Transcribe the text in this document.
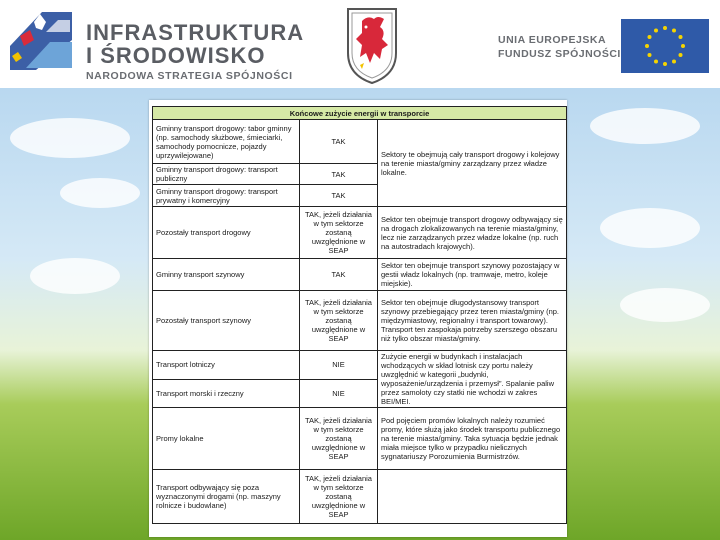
INFRASTRUKTURA
I ŚRODOWISKO
NARODOWA STRATEGIA SPÓJNOŚCI
UNIA EUROPEJSKA
FUNDUSZ SPÓJNOŚCI
Końcowe zużycie energii w transporcie		
Gminny transport drogowy: tabor gminny (np. samochody służbowe, śmieciarki, samochody pomocnicze, pojazdy uprzywilejowane)	TAK	Sektory te obejmują cały transport drogowy i kolejowy na terenie miasta/gminy zarządzany przez władze lokalne.
Gminny transport drogowy: transport publiczny	TAK	
Gminny transport drogowy: transport prywatny i komercyjny	TAK	
Pozostały transport drogowy	TAK, jeżeli działania w tym sektorze zostaną uwzględnione w SEAP	Sektor ten obejmuje transport drogowy odbywający się na drogach zlokalizowanych na terenie miasta/gminy, lecz nie zarządzanych przez władze lokalne (np. ruch na autostradach krajowych).
Gminny transport szynowy	TAK	Sektor ten obejmuje transport szynowy pozostający w gestii władz lokalnych (np. tramwaje, metro, koleje miejskie).
Pozostały transport szynowy	TAK, jeżeli działania w tym sektorze zostaną uwzględnione w SEAP	Sektor ten obejmuje długodystansowy transport szynowy przebiegający przez teren miasta/gminy (np. międzymiastowy, regionalny i transport towarowy). Transport ten zaspokaja potrzeby szerszego obszaru niż tylko obszar miasta/gminy.
Transport lotniczy	NIE	Zużycie energii w budynkach i instalacjach wchodzących w skład lotnisk czy portu należy uwzględnić w kategorii „budynki, wyposażenie/urządzenia i przemysł”. Spalanie paliw przez samoloty czy statki nie wchodzi w zakres BEI/MEI.
Transport morski i rzeczny	NIE	
Promy lokalne	TAK, jeżeli działania w tym sektorze zostaną uwzględnione w SEAP	Pod pojęciem promów lokalnych należy rozumieć promy, które służą jako środek transportu publicznego na terenie miasta/gminy. Taka sytuacja będzie jednak miała miejsce tylko w przypadku nielicznych sygnatariuszy Porozumienia Burmistrzów.
Transport odbywający się poza wyznaczonymi drogami (np. maszyny rolnicze i budowlane)	TAK, jeżeli działania w tym sektorze zostaną uwzględnione w SEAP	
